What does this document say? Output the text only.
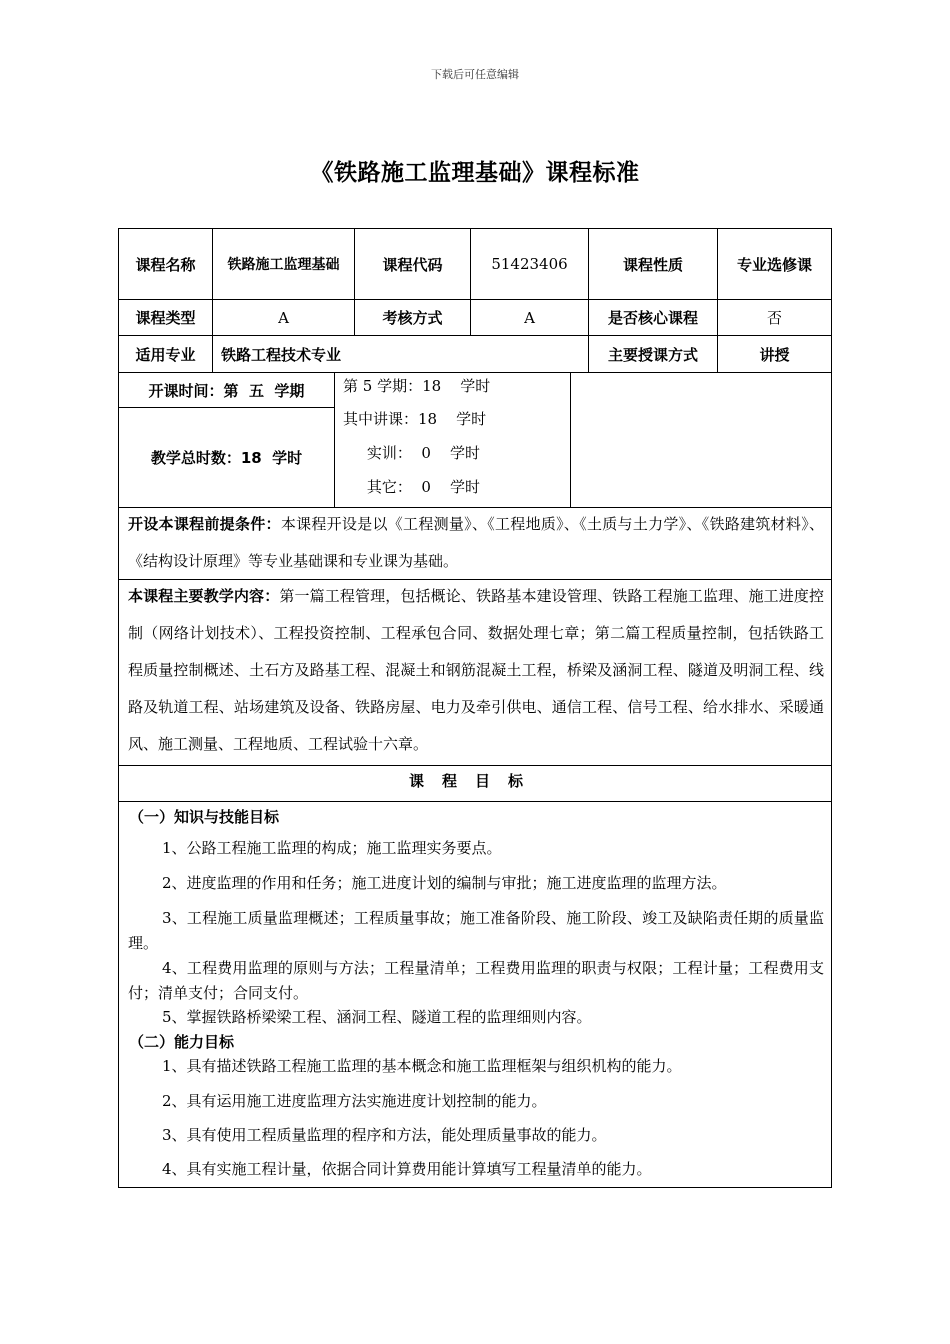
下载后可任意编辑
《铁路施工监理基础》课程标准
课程名称	铁路施工监理基础	课程代码	51423406	课程性质	专业选修课
课程类型	A	考核方式	A	是否核心课程	否
适用专业	铁路工程技术专业	主要授课方式	讲授
开课时间：第  五  学期
教学总时数：18  学时
第 5 学期：18    学时
其中讲课：18    学时
实训：  0    学时
其它：  0    学时
开设本课程前提条件：本课程开设是以《工程测量》、《工程地质》、《土质与土力学》、《铁路建筑材料》、《结构设计原理》等专业基础课和专业课为基础。
本课程主要教学内容：第一篇工程管理，包括概论、铁路基本建设管理、铁路工程施工监理、施工进度控制（网络计划技术）、工程投资控制、工程承包合同、数据处理七章；第二篇工程质量控制，包括铁路工程质量控制概述、土石方及路基工程、混凝土和钢筋混凝土工程，桥梁及涵洞工程、隧道及明洞工程、线路及轨道工程、站场建筑及设备、铁路房屋、电力及牵引供电、通信工程、信号工程、给水排水、采暖通风、施工测量、工程地质、工程试验十六章。
课程目标
（一）知识与技能目标
1、公路工程施工监理的构成；施工监理实务要点。
2、进度监理的作用和任务；施工进度计划的编制与审批；施工进度监理的监理方法。
3、工程施工质量监理概述；工程质量事故；施工准备阶段、施工阶段、竣工及缺陷责任期的质量监理。
4、工程费用监理的原则与方法；工程量清单；工程费用监理的职责与权限；工程计量；工程费用支付；清单支付；合同支付。
5、掌握铁路桥梁梁工程、涵洞工程、隧道工程的监理细则内容。
（二）能力目标
1、具有描述铁路工程施工监理的基本概念和施工监理框架与组织机构的能力。
2、具有运用施工进度监理方法实施进度计划控制的能力。
3、具有使用工程质量监理的程序和方法，能处理质量事故的能力。
4、具有实施工程计量，依据合同计算费用能计算填写工程量清单的能力。
